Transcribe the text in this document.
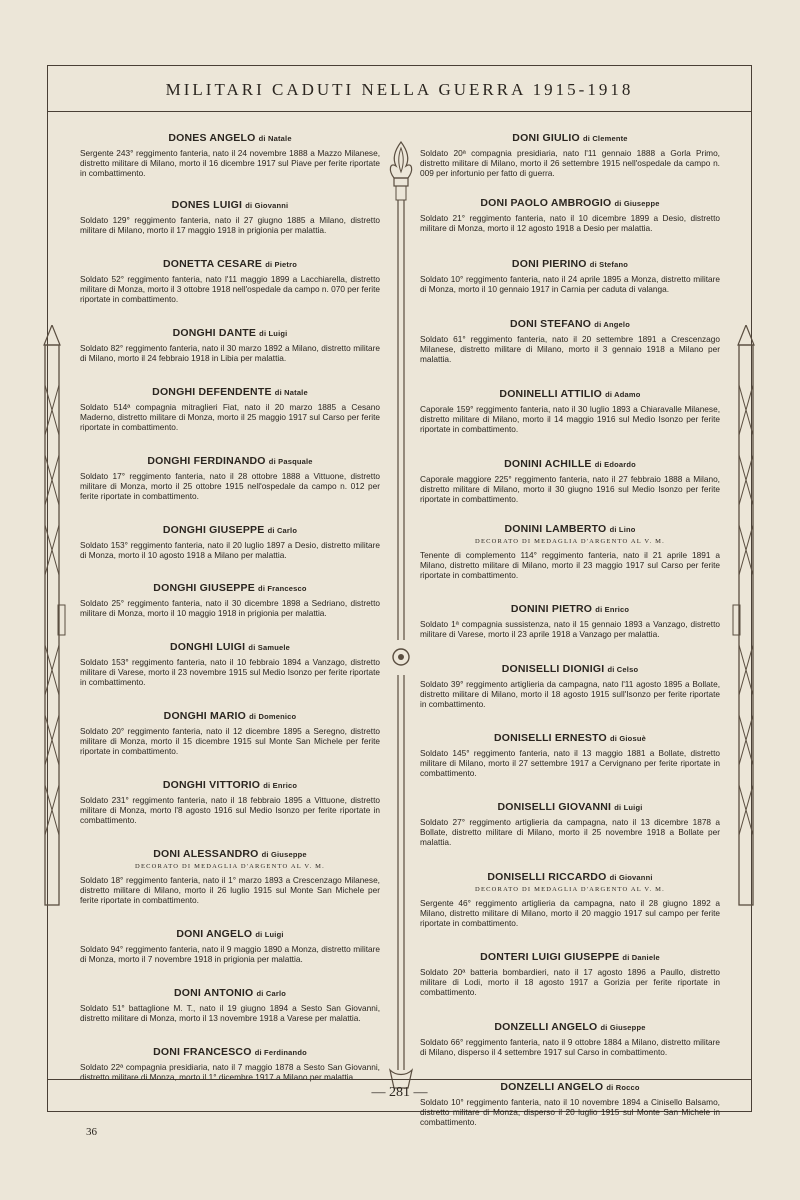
MILITARI CADUTI NELLA GUERRA 1915-1918
DONES ANGELO di Natale
Sergente 243° reggimento fanteria, nato il 24 novembre 1888 a Mazzo Milanese, distretto militare di Milano, morto il 16 dicembre 1917 sul Piave per ferite riportate in combattimento.
DONES LUIGI di Giovanni
Soldato 129° reggimento fanteria, nato il 27 giugno 1885 a Milano, distretto militare di Milano, morto il 17 maggio 1918 in prigionia per malattia.
DONETTA CESARE di Pietro
Soldato 52° reggimento fanteria, nato l'11 maggio 1899 a Lacchiarella, distretto militare di Monza, morto il 3 ottobre 1918 nell'ospedale da campo n. 070 per ferite riportate in combattimento.
DONGHI DANTE di Luigi
Soldato 82° reggimento fanteria, nato il 30 marzo 1892 a Milano, distretto militare di Milano, morto il 24 febbraio 1918 in Libia per malattia.
DONGHI DEFENDENTE di Natale
Soldato 514ª compagnia mitraglieri Fiat, nato il 20 marzo 1885 a Cesano Maderno, distretto militare di Monza, morto il 25 maggio 1917 sul Carso per ferite riportate in combattimento.
DONGHI FERDINANDO di Pasquale
Soldato 17° reggimento fanteria, nato il 28 ottobre 1888 a Vittuone, distretto militare di Monza, morto il 25 ottobre 1915 nell'ospedale da campo n. 012 per ferite riportate in combattimento.
DONGHI GIUSEPPE di Carlo
Soldato 153° reggimento fanteria, nato il 20 luglio 1897 a Desio, distretto militare di Monza, morto il 10 agosto 1918 a Milano per malattia.
DONGHI GIUSEPPE di Francesco
Soldato 25° reggimento fanteria, nato il 30 dicembre 1898 a Sedriano, distretto militare di Monza, morto il 10 maggio 1918 in prigionia per malattia.
DONGHI LUIGI di Samuele
Soldato 153° reggimento fanteria, nato il 10 febbraio 1894 a Vanzago, distretto militare di Varese, morto il 23 novembre 1915 sul Medio Isonzo per ferite riportate in combattimento.
DONGHI MARIO di Domenico
Soldato 20° reggimento fanteria, nato il 12 dicembre 1895 a Seregno, distretto militare di Monza, morto il 15 dicembre 1915 sul Monte San Michele per ferite riportate in combattimento.
DONGHI VITTORIO di Enrico
Soldato 231° reggimento fanteria, nato il 18 febbraio 1895 a Vittuone, distretto militare di Monza, morto l'8 agosto 1916 sul Medio Isonzo per ferite riportate in combattimento.
DONI ALESSANDRO di Giuseppe
DECORATO DI MEDAGLIA D'ARGENTO AL V. M.
Soldato 18° reggimento fanteria, nato il 1° marzo 1893 a Crescenzago Milanese, distretto militare di Milano, morto il 26 luglio 1915 sul Monte San Michele per ferite riportate in combattimento.
DONI ANGELO di Luigi
Soldato 94° reggimento fanteria, nato il 9 maggio 1890 a Monza, distretto militare di Monza, morto il 7 novembre 1918 in prigionia per malattia.
DONI ANTONIO di Carlo
Soldato 51° battaglione M. T., nato il 19 giugno 1894 a Sesto San Giovanni, distretto militare di Monza, morto il 13 novembre 1918 a Varese per malattia.
DONI FRANCESCO di Ferdinando
Soldato 22ª compagnia presidiaria, nato il 7 maggio 1878 a Sesto San Giovanni, distretto militare di Monza, morto il 1° dicembre 1917 a Milano per malattia.
DONI GIULIO di Clemente
Soldato 20ª compagnia presidiaria, nato l'11 gennaio 1888 a Gorla Primo, distretto militare di Milano, morto il 26 settembre 1915 nell'ospedale da campo n. 009 per infortunio per fatto di guerra.
DONI PAOLO AMBROGIO di Giuseppe
Soldato 21° reggimento fanteria, nato il 10 dicembre 1899 a Desio, distretto militare di Monza, morto il 12 agosto 1918 a Desio per malattia.
DONI PIERINO di Stefano
Soldato 10° reggimento fanteria, nato il 24 aprile 1895 a Monza, distretto militare di Monza, morto il 10 gennaio 1917 in Carnia per caduta di valanga.
DONI STEFANO di Angelo
Soldato 61° reggimento fanteria, nato il 20 settembre 1891 a Crescenzago Milanese, distretto militare di Milano, morto il 3 gennaio 1918 a Milano per malattia.
DONINELLI ATTILIO di Adamo
Caporale 159° reggimento fanteria, nato il 30 luglio 1893 a Chiaravalle Milanese, distretto militare di Milano, morto il 14 maggio 1916 sul Medio Isonzo per ferite riportate in combattimento.
DONINI ACHILLE di Edoardo
Caporale maggiore 225° reggimento fanteria, nato il 27 febbraio 1888 a Milano, distretto militare di Milano, morto il 30 giugno 1916 sul Medio Isonzo per ferite riportate in combattimento.
DONINI LAMBERTO di Lino
DECORATO DI MEDAGLIA D'ARGENTO AL V. M.
Tenente di complemento 114° reggimento fanteria, nato il 21 aprile 1891 a Milano, distretto militare di Milano, morto il 23 maggio 1917 sul Carso per ferite riportate in combattimento.
DONINI PIETRO di Enrico
Soldato 1ª compagnia sussistenza, nato il 15 gennaio 1893 a Vanzago, distretto militare di Varese, morto il 23 aprile 1918 a Vanzago per malattia.
DONISELLI DIONIGI di Celso
Soldato 39° reggimento artiglieria da campagna, nato l'11 agosto 1895 a Bollate, distretto militare di Milano, morto il 18 agosto 1915 sull'Isonzo per ferite riportate in combattimento.
DONISELLI ERNESTO di Giosuè
Soldato 145° reggimento fanteria, nato il 13 maggio 1881 a Bollate, distretto militare di Milano, morto il 27 settembre 1917 a Cervignano per ferite riportate in combattimento.
DONISELLI GIOVANNI di Luigi
Soldato 27° reggimento artiglieria da campagna, nato il 13 dicembre 1878 a Bollate, distretto militare di Milano, morto il 25 novembre 1918 a Bollate per malattia.
DONISELLI RICCARDO di Giovanni
DECORATO DI MEDAGLIA D'ARGENTO AL V. M.
Sergente 46° reggimento artiglieria da campagna, nato il 28 giugno 1892 a Milano, distretto militare di Milano, morto il 20 maggio 1917 sul campo per ferite riportate in combattimento.
DONTERI LUIGI GIUSEPPE di Daniele
Soldato 20ª batteria bombardieri, nato il 17 agosto 1896 a Paullo, distretto militare di Lodi, morto il 18 agosto 1917 a Gorizia per ferite riportate in combattimento.
DONZELLI ANGELO di Giuseppe
Soldato 66° reggimento fanteria, nato il 9 ottobre 1884 a Milano, distretto militare di Milano, disperso il 4 settembre 1917 sul Carso in combattimento.
DONZELLI ANGELO di Rocco
Soldato 10° reggimento fanteria, nato il 10 novembre 1894 a Cinisello Balsamo, distretto militare di Monza, disperso il 20 luglio 1915 sul Monte San Michele in combattimento.
— 281 —
36
